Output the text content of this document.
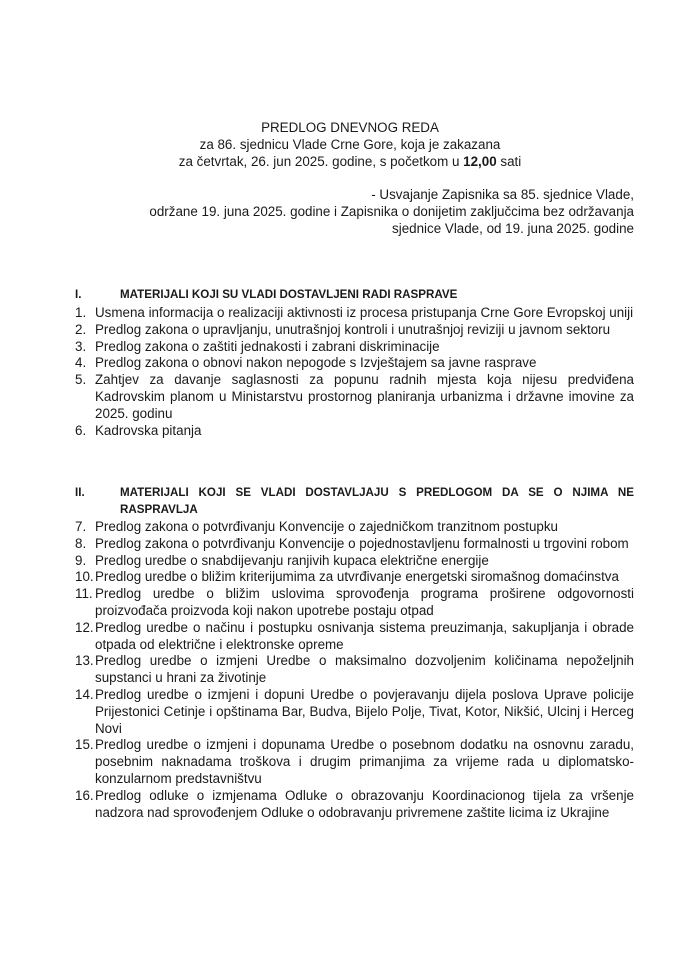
PREDLOG DNEVNOG REDA
za 86. sjednicu Vlade Crne Gore, koja je zakazana
za četvrtak, 26. jun 2025. godine, s početkom u 12,00 sati
- Usvajanje Zapisnika sa 85. sjednice Vlade,
održane 19. juna 2025. godine i Zapisnika o donijetim zaključcima bez održavanja
sjednice Vlade, od 19. juna 2025. godine
I.	MATERIJALI KOJI SU VLADI DOSTAVLJENI RADI RASPRAVE
1. Usmena informacija o realizaciji aktivnosti iz procesa pristupanja Crne Gore Evropskoj uniji
2. Predlog zakona o upravljanju, unutrašnjoj kontroli i unutrašnjoj reviziji u javnom sektoru
3. Predlog zakona o zaštiti jednakosti i zabrani diskriminacije
4. Predlog zakona o obnovi nakon nepogode s Izvještajem sa javne rasprave
5. Zahtjev za davanje saglasnosti za popunu radnih mjesta koja nijesu predviđena Kadrovskim planom u Ministarstvu prostornog planiranja urbanizma i državne imovine za 2025. godinu
6. Kadrovska pitanja
II.	MATERIJALI KOJI SE VLADI DOSTAVLJAJU S PREDLOGOM DA SE O NJIMA NE RASPRAVLJA
7. Predlog zakona o potvrđivanju Konvencije o zajedničkom tranzitnom postupku
8. Predlog zakona o potvrđivanju Konvencije o pojednostavljenu formalnosti u trgovini robom
9. Predlog uredbe o snabdijevanju ranjivih kupaca električne energije
10. Predlog uredbe o bližim kriterijumima za utvrđivanje energetski siromašnog domaćinstva
11. Predlog uredbe o bližim uslovima sprovođenja programa proširene odgovornosti proizvođača proizvoda koji nakon upotrebe postaju otpad
12. Predlog uredbe o načinu i postupku osnivanja sistema preuzimanja, sakupljanja i obrade otpada od električne i elektronske opreme
13. Predlog uredbe o izmjeni Uredbe o maksimalno dozvoljenim količinama nepoželjnih supstanci u hrani za životinje
14. Predlog uredbe o izmjeni i dopuni Uredbe o povjeravanju dijela poslova Uprave policije Prijestonici Cetinje i opštinama Bar, Budva, Bijelo Polje, Tivat, Kotor, Nikšić, Ulcinj i Herceg Novi
15. Predlog uredbe o izmjeni i dopunama Uredbe o posebnom dodatku na osnovnu zaradu, posebnim naknadama troškova i drugim primanjima za vrijeme rada u diplomatsko-konzularnom predstavništvu
16. Predlog odluke o izmjenama Odluke o obrazovanju Koordinacionog tijela za vršenje nadzora nad sprovođenjem Odluke o odobravanju privremene zaštite licima iz Ukrajine
